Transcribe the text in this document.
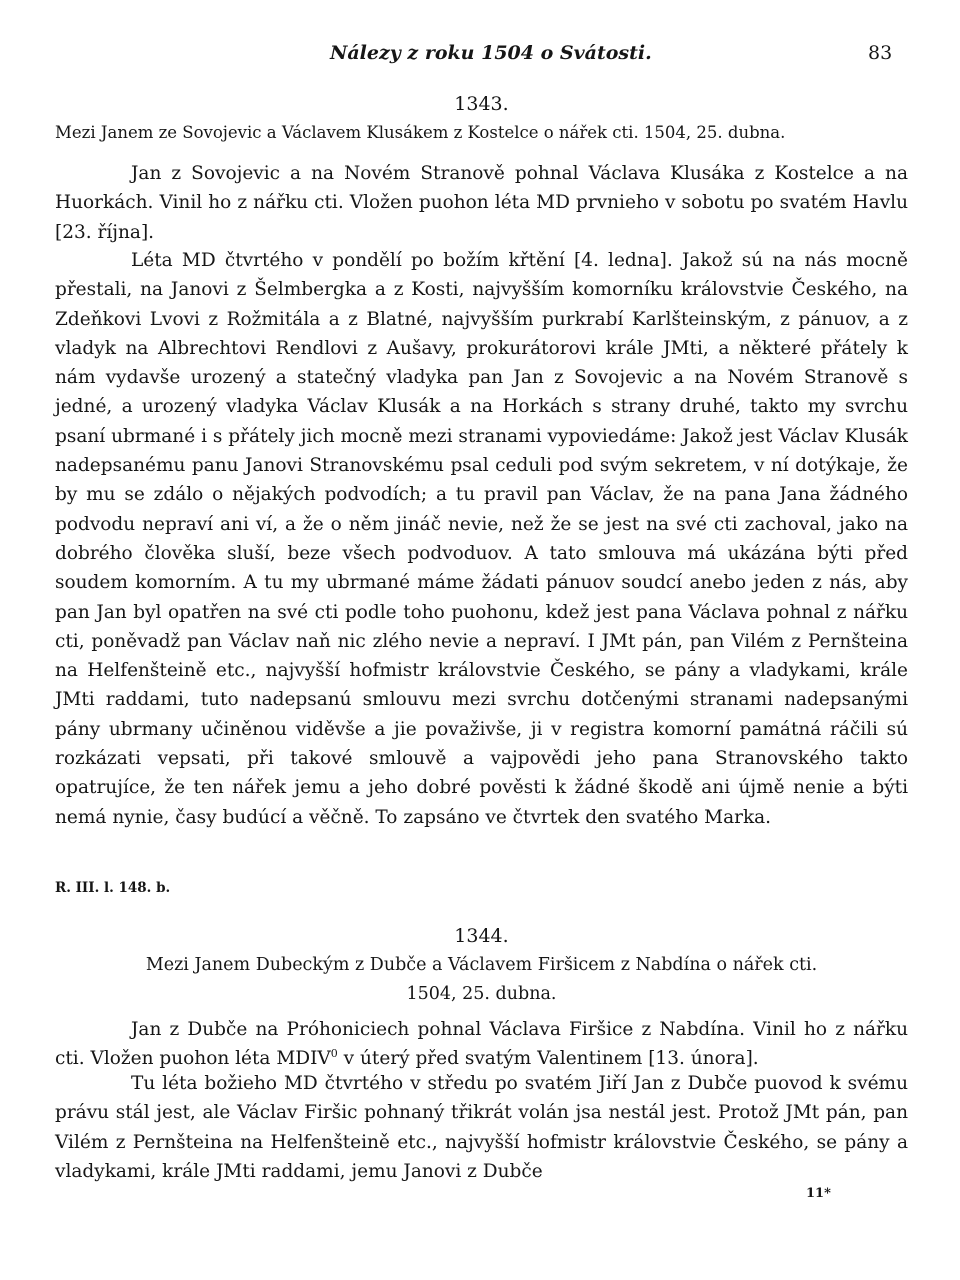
Nálezy z roku 1504 o Svátosti.	83
1343.
Mezi Janem ze Sovojevic a Václavem Klusákem z Kostelce o nářek cti. 1504, 25. dubna.
Jan z Sovojevic a na Novém Stranově pohnal Václava Klusáka z Kostelce a na Huorkách. Vinil ho z nářku cti. Vložen puohon léta MD prvnieho v sobotu po svatém Havlu [23. října].
Léta MD čtvrtého v pondělí po božím křtění [4. ledna]. Jakož sú na nás mocně přestali, na Janovi z Šelmbergka a z Kosti, najvyšším komorníku královstvie Českého, na Zdeňkovi Lvovi z Rožmitála a z Blatné, najvyšším purkrabí Karlšteinským, z pánuov, a z vladyk na Albrechtovi Rendlovi z Aušavy, prokurátorovi krále JMti, a některé přátely k nám vydavše urozený a statečný vladyka pan Jan z Sovojevic a na Novém Stranově s jedné, a urozený vladyka Václav Klusák a na Horkách s strany druhé, takto my svrchu psaní ubrmané i s přátely jich mocně mezi stranami vypoviedáme: Jakož jest Václav Klusák nadepsanému panu Janovi Stranovskému psal ceduli pod svým sekretem, v ní dotýkaje, že by mu se zdálo o nějakých podvodích; a tu pravil pan Václav, že na pana Jana žádného podvodu nepraví ani ví, a že o něm jináč nevie, než že se jest na své cti zachoval, jako na dobrého člověka sluší, beze všech podvoduov. A tato smlouva má ukázána býti před soudem komorním. A tu my ubrmané máme žádati pánuov soudcí anebo jeden z nás, aby pan Jan byl opatřen na své cti podle toho puohonu, kdež jest pana Václava pohnal z nářku cti, poněvadž pan Václav naň nic zlého nevie a nepraví. I JMt pán, pan Vilém z Pernšteina na Helfenšteině etc., najvyšší hofmistr královstvie Českého, se pány a vladykami, krále JMti raddami, tuto nadepsanú smlouvu mezi svrchu dotčenými stranami nadepsanými pány ubrmany učiněnou viděvše a jie považivše, ji v registra komorní památná ráčili sú rozkázati vepsati, při takové smlouvě a vajpovědi jeho pana Stranovského takto opatrujíce, že ten nářek jemu a jeho dobré pověsti k žádné škodě ani újmě nenie a býti nemá nynie, časy budúcí a věčně. To zapsáno ve čtvrtek den svatého Marka.
R. III. l. 148. b.
1344.
Mezi Janem Dubeckým z Dubče a Václavem Firšicem z Nabdína o nářek cti.
1504, 25. dubna.
Jan z Dubče na Próhoniciech pohnal Václava Firšice z Nabdína. Vinil ho z nářku cti. Vložen puohon léta MDIV$^0$ v úterý před svatým Valentinem [13. února].
Tu léta božieho MD čtvrtého v středu po svatém Jiří Jan z Dubče puovod k svému právu stál jest, ale Václav Firšic pohnaný třikrát volán jsa nestál jest. Protož JMt pán, pan Vilém z Pernšteina na Helfenšteině etc., najvyšší hofmistr královstvie Českého, se pány a vladykami, krále JMti raddami, jemu Janovi z Dubče
11*
